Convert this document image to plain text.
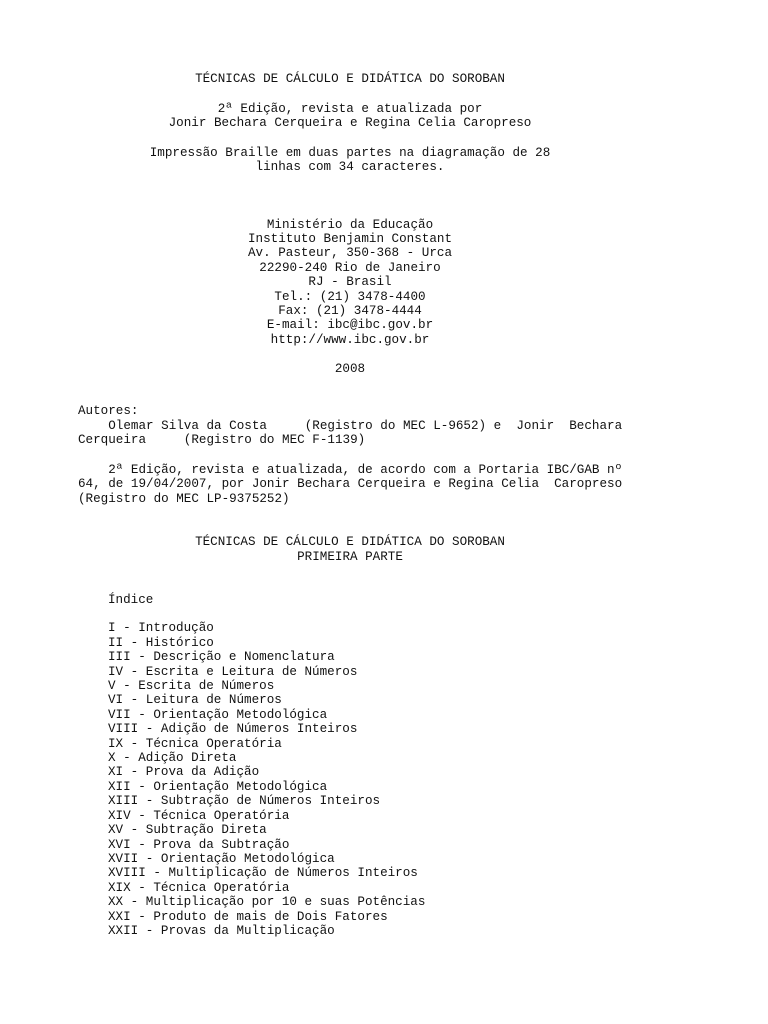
TÉCNICAS DE CÁLCULO E DIDÁTICA DO SOROBAN
2ª Edição, revista e atualizada por
Jonir Bechara Cerqueira e Regina Celia Caropreso
Impressão Braille em duas partes na diagramação de 28
linhas com 34 caracteres.
Ministério da Educação
Instituto Benjamin Constant
Av. Pasteur, 350-368 - Urca
22290-240 Rio de Janeiro
RJ - Brasil
Tel.: (21) 3478-4400
Fax: (21) 3478-4444
E-mail: ibc@ibc.gov.br
http://www.ibc.gov.br
2008
Autores:
Olemar Silva da Costa     (Registro do MEC L-9652) e  Jonir  Bechara
Cerqueira     (Registro do MEC F-1139)
2ª Edição, revista e atualizada, de acordo com a Portaria IBC/GAB nº
64, de 19/04/2007, por Jonir Bechara Cerqueira e Regina Celia  Caropreso
(Registro do MEC LP-9375252)
TÉCNICAS DE CÁLCULO E DIDÁTICA DO SOROBAN
PRIMEIRA PARTE
Índice
I - Introdução
II - Histórico
III - Descrição e Nomenclatura
IV - Escrita e Leitura de Números
V - Escrita de Números
VI - Leitura de Números
VII - Orientação Metodológica
VIII - Adição de Números Inteiros
IX - Técnica Operatória
X - Adição Direta
XI - Prova da Adição
XII - Orientação Metodológica
XIII - Subtração de Números Inteiros
XIV - Técnica Operatória
XV - Subtração Direta
XVI - Prova da Subtração
XVII - Orientação Metodológica
XVIII - Multiplicação de Números Inteiros
XIX - Técnica Operatória
XX - Multiplicação por 10 e suas Potências
XXI - Produto de mais de Dois Fatores
XXII - Provas da Multiplicação
